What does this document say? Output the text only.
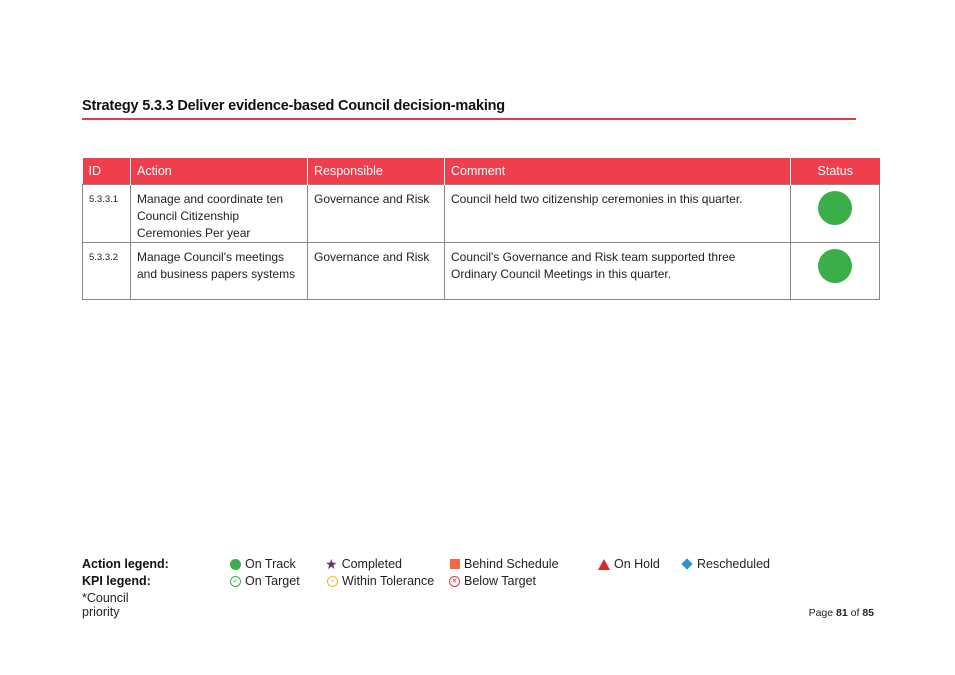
Strategy 5.3.3 Deliver evidence-based Council decision-making
ID	Action	Responsible	Comment	Status
5.3.3.1	Manage and coordinate ten Council Citizenship Ceremonies Per year	Governance and Risk	Council held two citizenship ceremonies in this quarter.	
5.3.3.2	Manage Council's meetings and business papers systems	Governance and Risk	Council's Governance and Risk team supported three Ordinary Council Meetings in this quarter.	
Action legend:	On Track ★ Completed	Behind Schedule	On Hold	Rescheduled
KPI legend:	✓ On Target	– Within Tolerance	× Below Target
*Council priority	Page 81 of 85
